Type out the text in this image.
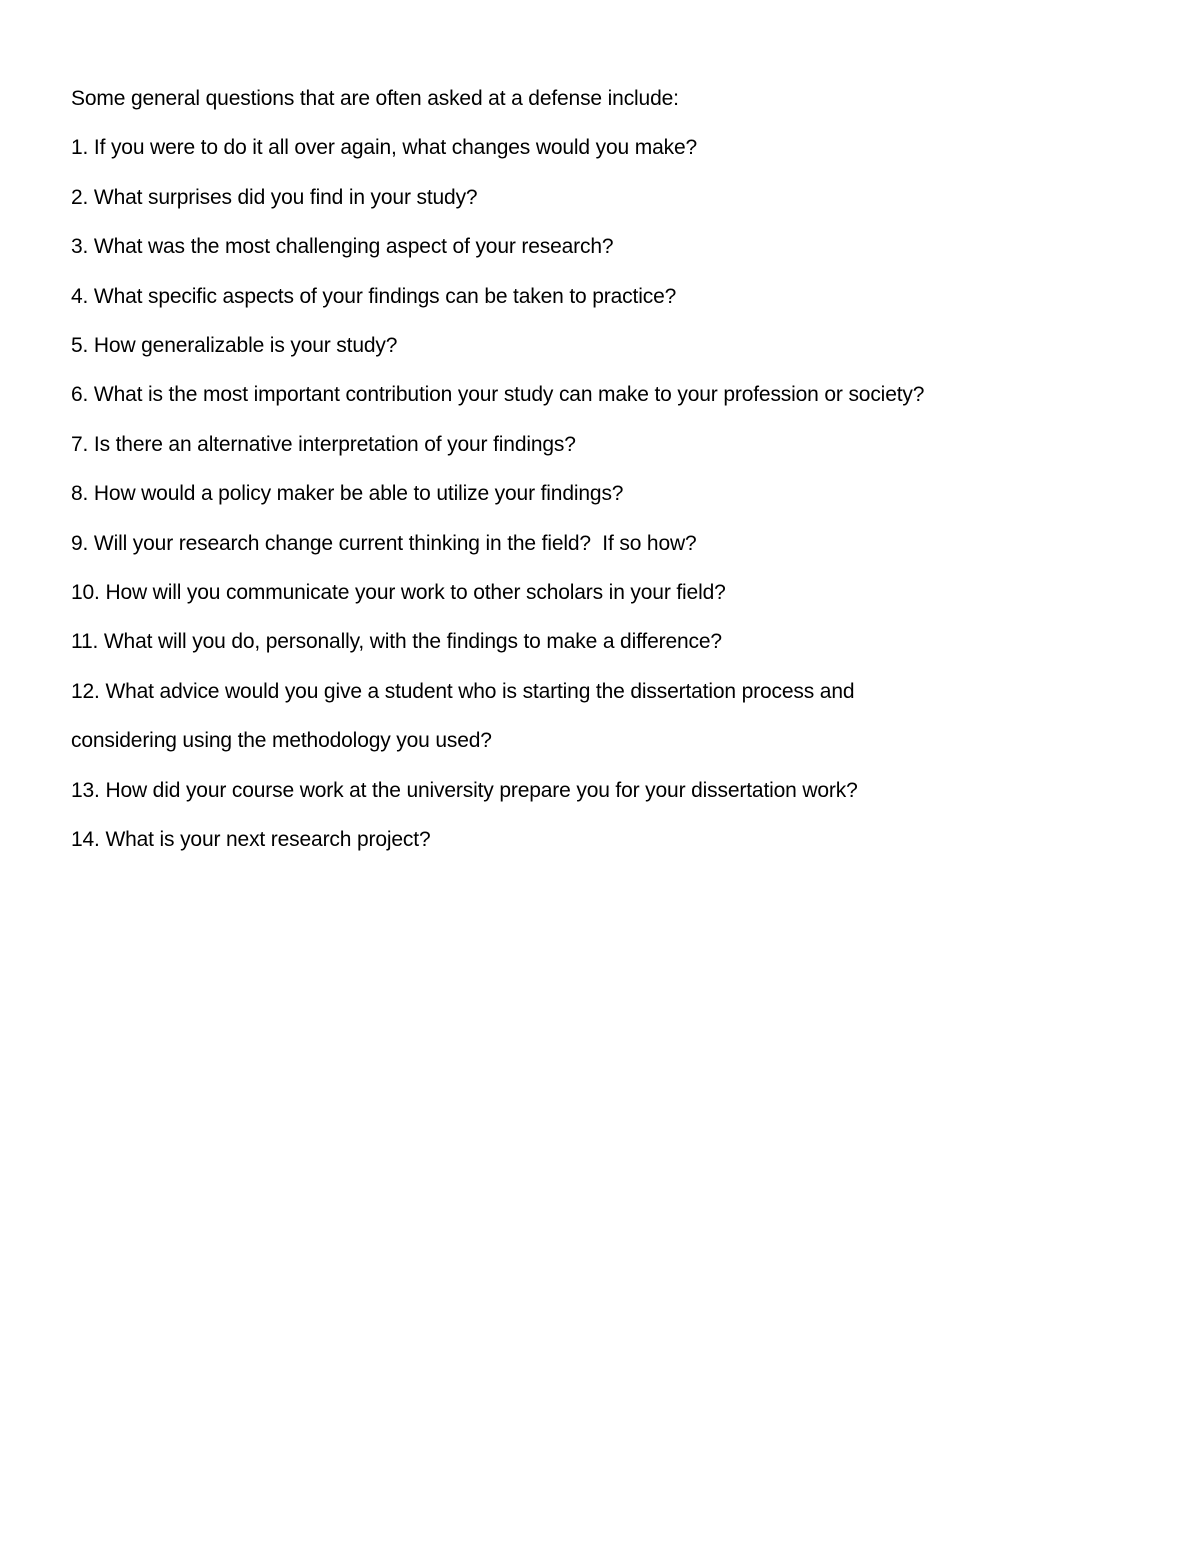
Some general questions that are often asked at a defense include:

1. If you were to do it all over again, what changes would you make?

2. What surprises did you find in your study?

3. What was the most challenging aspect of your research?

4. What specific aspects of your findings can be taken to practice?

5. How generalizable is your study?

6. What is the most important contribution your study can make to your profession or society?

7. Is there an alternative interpretation of your findings?

8. How would a policy maker be able to utilize your findings?

9. Will your research change current thinking in the field?  If so how?

10. How will you communicate your work to other scholars in your field?

11. What will you do, personally, with the findings to make a difference?

12. What advice would you give a student who is starting the dissertation process and
considering using the methodology you used?

13. How did your course work at the university prepare you for your dissertation work?

14. What is your next research project?
